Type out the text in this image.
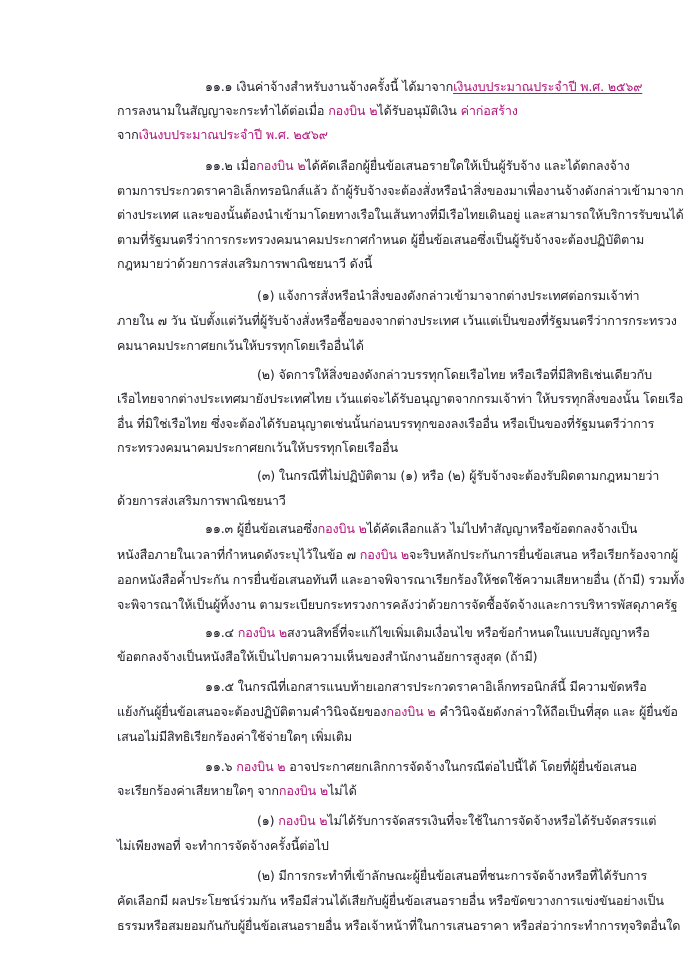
๑๑.๑ เงินค่าจ้างสำหรับงานจ้างครั้งนี้ ได้มาจากเงินงบประมาณประจำปี พ.ศ. ๒๕๖๙
การลงนามในสัญญาจะกระทำได้ต่อเมื่อ กองบิน ๒ได้รับอนุมัติเงิน ค่าก่อสร้าง
จากเงินงบประมาณประจำปี พ.ศ. ๒๕๖๙
๑๑.๒ เมื่อกองบิน ๒ได้คัดเลือกผู้ยื่นข้อเสนอรายใดให้เป็นผู้รับจ้าง และได้ตกลงจ้าง
ตามการประกวดราคาอิเล็กทรอนิกส์แล้ว ถ้าผู้รับจ้างจะต้องสั่งหรือนำสิ่งของมาเพื่องานจ้างดังกล่าวเข้ามาจาก
ต่างประเทศ และของนั้นต้องนำเข้ามาโดยทางเรือในเส้นทางที่มีเรือไทยเดินอยู่ และสามารถให้บริการรับขนได้
ตามที่รัฐมนตรีว่าการกระทรวงคมนาคมประกาศกำหนด ผู้ยื่นข้อเสนอซึ่งเป็นผู้รับจ้างจะต้องปฏิบัติตาม
กฎหมายว่าด้วยการส่งเสริมการพาณิชยนาวี ดังนี้
(๑) แจ้งการสั่งหรือนำสิ่งของดังกล่าวเข้ามาจากต่างประเทศต่อกรมเจ้าท่า
ภายใน ๗ วัน นับตั้งแต่วันที่ผู้รับจ้างสั่งหรือซื้อของจากต่างประเทศ เว้นแต่เป็นของที่รัฐมนตรีว่าการกระทรวง
คมนาคมประกาศยกเว้นให้บรรทุกโดยเรืออื่นได้
(๒) จัดการให้สิ่งของดังกล่าวบรรทุกโดยเรือไทย หรือเรือที่มีสิทธิเช่นเดียวกับ
เรือไทยจากต่างประเทศมายังประเทศไทย เว้นแต่จะได้รับอนุญาตจากกรมเจ้าท่า ให้บรรทุกสิ่งของนั้น โดยเรือ
อื่น ที่มิใช่เรือไทย ซึ่งจะต้องได้รับอนุญาตเช่นนั้นก่อนบรรทุกของลงเรืออื่น หรือเป็นของที่รัฐมนตรีว่าการ
กระทรวงคมนาคมประกาศยกเว้นให้บรรทุกโดยเรืออื่น
(๓) ในกรณีที่ไม่ปฏิบัติตาม (๑) หรือ (๒) ผู้รับจ้างจะต้องรับผิดตามกฎหมายว่า
ด้วยการส่งเสริมการพาณิชยนาวี
๑๑.๓ ผู้ยื่นข้อเสนอซึ่งกองบิน ๒ได้คัดเลือกแล้ว ไม่ไปทำสัญญาหรือข้อตกลงจ้างเป็น
หนังสือภายในเวลาที่กำหนดดังระบุไว้ในข้อ ๗ กองบิน ๒จะริบหลักประกันการยื่นข้อเสนอ หรือเรียกร้องจากผู้
ออกหนังสือค้ำประกัน การยื่นข้อเสนอทันที และอาจพิจารณาเรียกร้องให้ชดใช้ความเสียหายอื่น (ถ้ามี) รวมทั้ง
จะพิจารณาให้เป็นผู้ทิ้งงาน ตามระเบียบกระทรวงการคลังว่าด้วยการจัดซื้อจัดจ้างและการบริหารพัสดุภาครัฐ
๑๑.๔ กองบิน ๒สงวนสิทธิ์ที่จะแก้ไขเพิ่มเติมเงื่อนไข หรือข้อกำหนดในแบบสัญญาหรือ
ข้อตกลงจ้างเป็นหนังสือให้เป็นไปตามความเห็นของสำนักงานอัยการสูงสุด (ถ้ามี)
๑๑.๕ ในกรณีที่เอกสารแนบท้ายเอกสารประกวดราคาอิเล็กทรอนิกส์นี้ มีความขัดหรือ
แย้งกันผู้ยื่นข้อเสนอจะต้องปฏิบัติตามคำวินิจฉัยของกองบิน ๒ คำวินิจฉัยดังกล่าวให้ถือเป็นที่สุด และ ผู้ยื่นข้อ
เสนอไม่มีสิทธิเรียกร้องค่าใช้จ่ายใดๆ เพิ่มเติม
๑๑.๖ กองบิน ๒ อาจประกาศยกเลิกการจัดจ้างในกรณีต่อไปนี้ได้ โดยที่ผู้ยื่นข้อเสนอ
จะเรียกร้องค่าเสียหายใดๆ จากกองบิน ๒ไม่ได้
(๑) กองบิน ๒ไม่ได้รับการจัดสรรเงินที่จะใช้ในการจัดจ้างหรือได้รับจัดสรรแต่
ไม่เพียงพอที่ จะทำการจัดจ้างครั้งนี้ต่อไป
(๒) มีการกระทำที่เข้าลักษณะผู้ยื่นข้อเสนอที่ชนะการจัดจ้างหรือที่ได้รับการ
คัดเลือกมี ผลประโยชน์ร่วมกัน หรือมีส่วนได้เสียกับผู้ยื่นข้อเสนอรายอื่น หรือขัดขวางการแข่งขันอย่างเป็น
ธรรมหรือสมยอมกันกับผู้ยื่นข้อเสนอรายอื่น หรือเจ้าหน้าที่ในการเสนอราคา หรือส่อว่ากระทำการทุจริตอื่นใด
